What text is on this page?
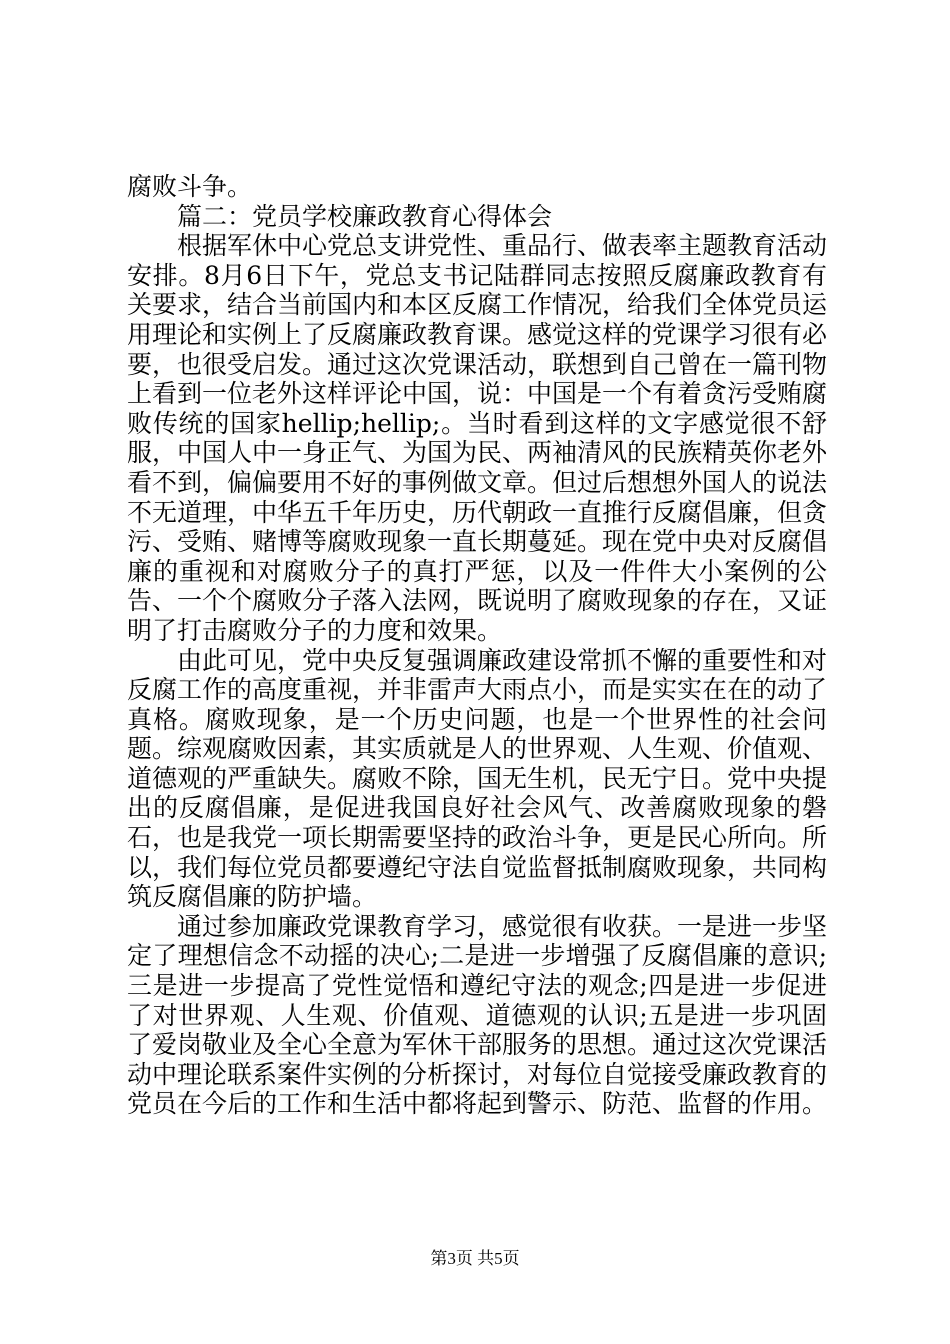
腐败斗争。

篇二：党员学校廉政教育心得体会

根据军休中心党总支讲党性、重品行、做表率主题教育活动安排。8月6日下午，党总支书记陆群同志按照反腐廉政教育有关要求，结合当前国内和本区反腐工作情况，给我们全体党员运用理论和实例上了反腐廉政教育课。感觉这样的党课学习很有必要，也很受启发。通过这次党课活动，联想到自己曾在一篇刊物上看到一位老外这样评论中国，说：中国是一个有着贪污受贿腐败传统的国家hellip;hellip;。当时看到这样的文字感觉很不舒服，中国人中一身正气、为国为民、两袖清风的民族精英你老外看不到，偏偏要用不好的事例做文章。但过后想想外国人的说法不无道理，中华五千年历史，历代朝政一直推行反腐倡廉，但贪污、受贿、赌博等腐败现象一直长期蔓延。现在党中央对反腐倡廉的重视和对腐败分子的真打严惩，以及一件件大小案例的公告、一个个腐败分子落入法网，既说明了腐败现象的存在，又证明了打击腐败分子的力度和效果。

由此可见，党中央反复强调廉政建设常抓不懈的重要性和对反腐工作的高度重视，并非雷声大雨点小，而是实实在在的动了真格。腐败现象，是一个历史问题，也是一个世界性的社会问题。综观腐败因素，其实质就是人的世界观、人生观、价值观、道德观的严重缺失。腐败不除，国无生机，民无宁日。党中央提出的反腐倡廉，是促进我国良好社会风气、改善腐败现象的磐石，也是我党一项长期需要坚持的政治斗争，更是民心所向。所以，我们每位党员都要遵纪守法自觉监督抵制腐败现象，共同构筑反腐倡廉的防护墙。

通过参加廉政党课教育学习，感觉很有收获。一是进一步坚定了理想信念不动摇的决心;二是进一步增强了反腐倡廉的意识;三是进一步提高了党性觉悟和遵纪守法的观念;四是进一步促进了对世界观、人生观、价值观、道德观的认识;五是进一步巩固了爱岗敬业及全心全意为军休干部服务的思想。通过这次党课活动中理论联系案件实例的分析探讨，对每位自觉接受廉政教育的党员在今后的工作和生活中都将起到警示、防范、监督的作用。

第3页 共5页
